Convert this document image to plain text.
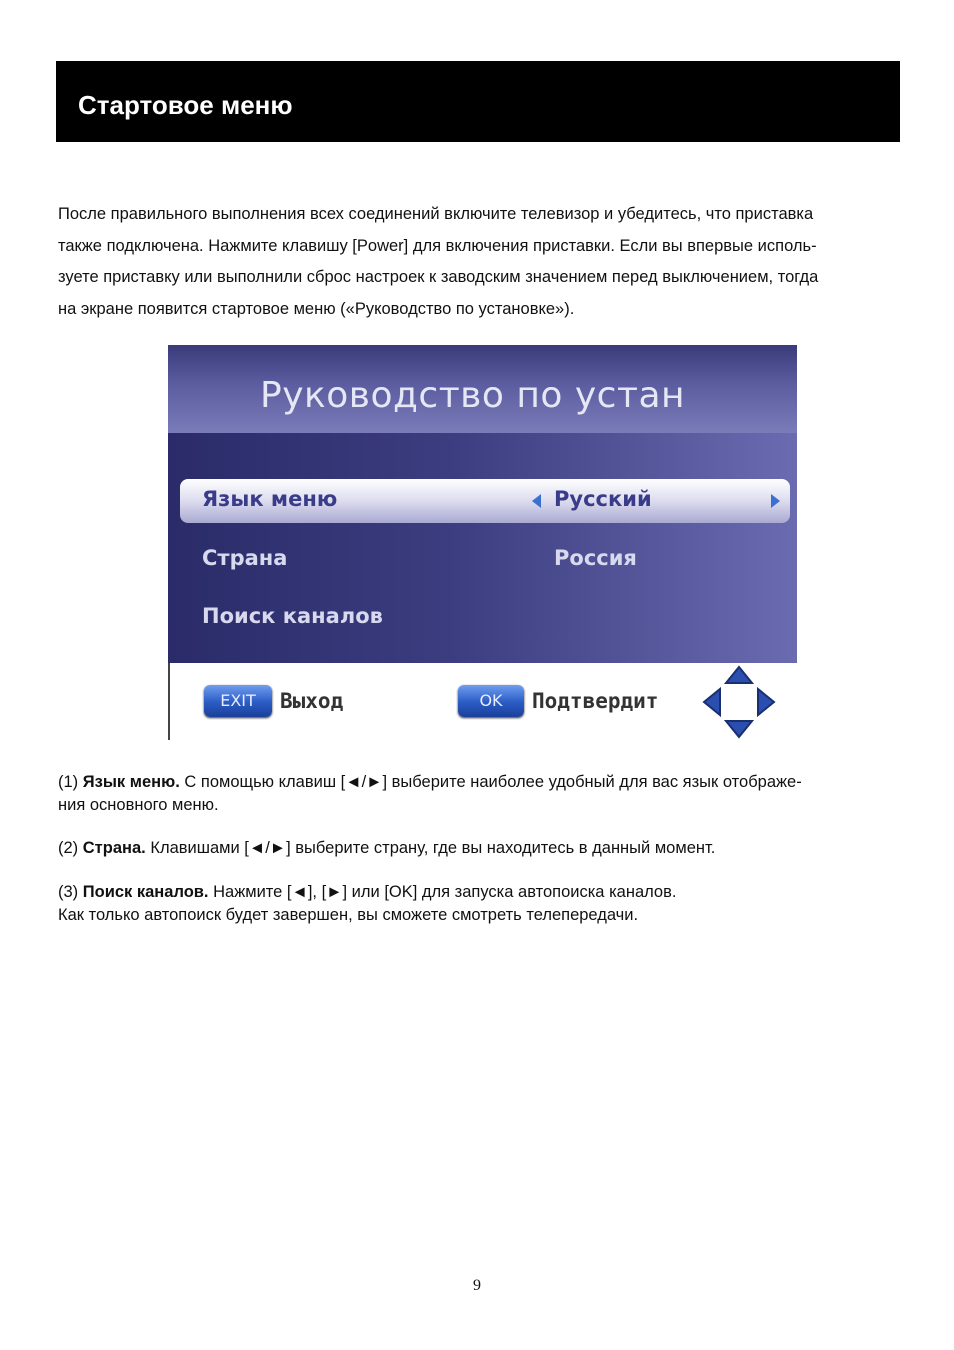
Стартовое меню
После правильного выполнения всех соединений включите телевизор и убедитесь, что приставка
также подключена. Нажмите клавишу [Power] для включения приставки. Если вы впервые исполь-
зуете приставку или выполнили сброс настроек к заводским значением перед выключением, тогда
на экране появится стартовое меню («Руководство по установке»).
Руководство по устан
Язык меню	Русский
Страна	Россия
Поиск каналов
EXIT	Выход	OK	Подтвердит
(1) Язык меню. С помощью клавиш [◄/►] выберите наиболее удобный для вас язык отображе-
ния основного меню.
(2) Страна. Клавишами [◄/►] выберите страну, где вы находитесь в данный момент.
(3) Поиск каналов. Нажмите [◄], [►] или [OK] для запуска автопоиска каналов.
Как только автопоиск будет завершен, вы сможете смотреть телепередачи.
9
